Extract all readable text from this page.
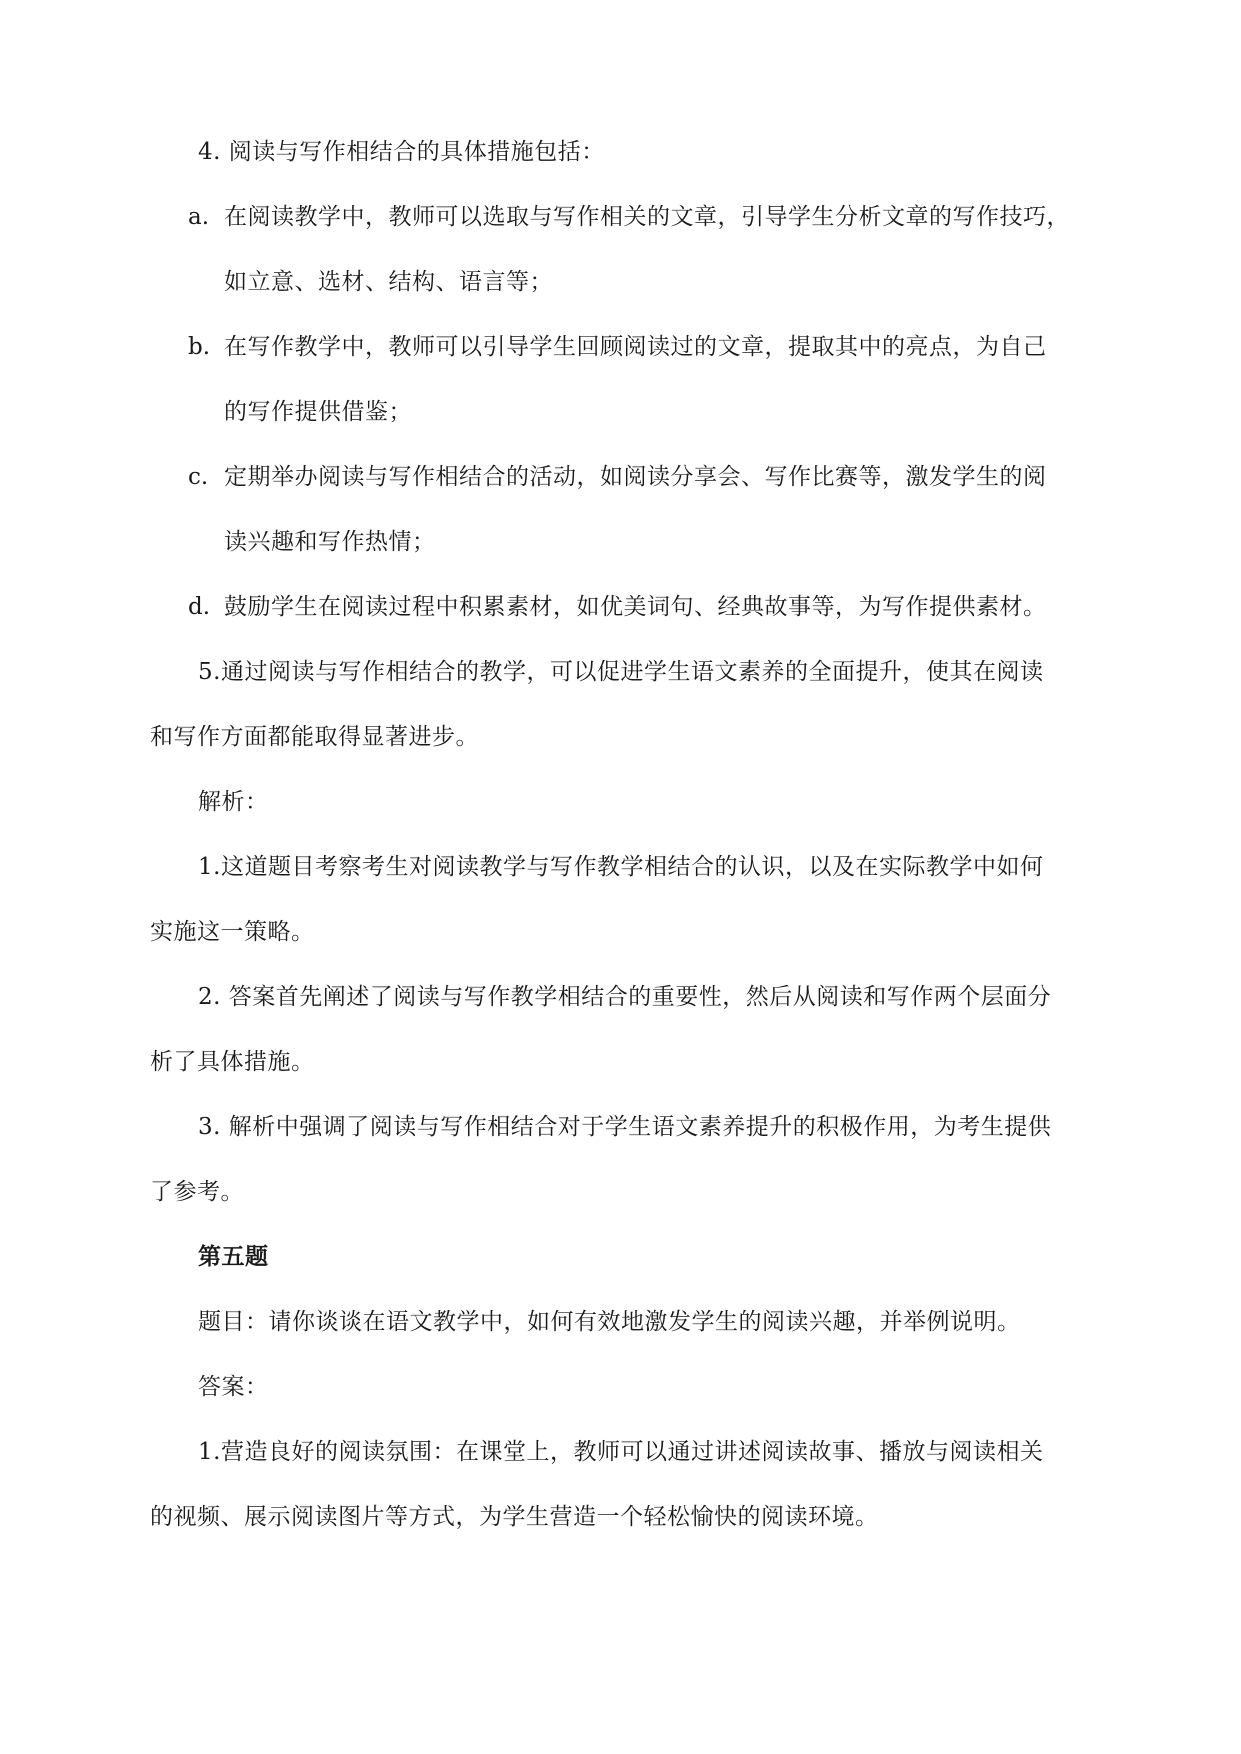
4. 阅读与写作相结合的具体措施包括：
a. 在阅读教学中，教师可以选取与写作相关的文章，引导学生分析文章的写作技巧，
如立意、选材、结构、语言等；
b. 在写作教学中，教师可以引导学生回顾阅读过的文章，提取其中的亮点，为自己
的写作提供借鉴；
c. 定期举办阅读与写作相结合的活动，如阅读分享会、写作比赛等，激发学生的阅
读兴趣和写作热情；
d. 鼓励学生在阅读过程中积累素材，如优美词句、经典故事等，为写作提供素材。
5.通过阅读与写作相结合的教学，可以促进学生语文素养的全面提升，使其在阅读
和写作方面都能取得显著进步。
解析：
1.这道题目考察考生对阅读教学与写作教学相结合的认识，以及在实际教学中如何
实施这一策略。
2. 答案首先阐述了阅读与写作教学相结合的重要性，然后从阅读和写作两个层面分
析了具体措施。
3. 解析中强调了阅读与写作相结合对于学生语文素养提升的积极作用，为考生提供
了参考。
第五题
题目：请你谈谈在语文教学中，如何有效地激发学生的阅读兴趣，并举例说明。
答案：
1.营造良好的阅读氛围：在课堂上，教师可以通过讲述阅读故事、播放与阅读相关
的视频、展示阅读图片等方式，为学生营造一个轻松愉快的阅读环境。
